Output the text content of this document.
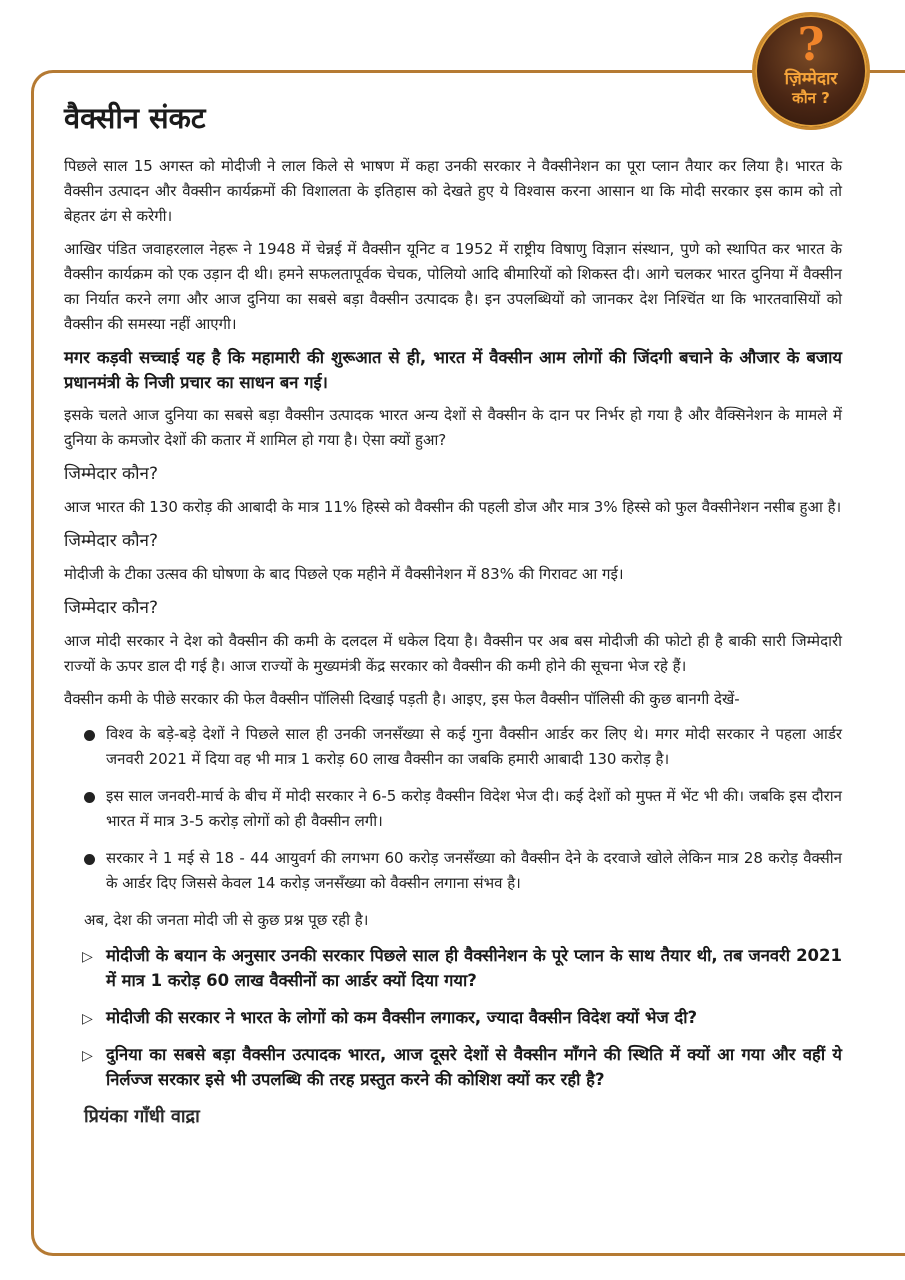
?
ज़िम्मेदार
कौन ?
वैक्सीन संकट

पिछले साल 15 अगस्त को मोदीजी ने लाल किले से भाषण में कहा उनकी सरकार ने वैक्सीनेशन का पूरा प्लान तैयार कर लिया है। भारत के वैक्सीन उत्पादन और वैक्सीन कार्यक्रमों की विशालता के इतिहास को देखते हुए ये विश्वास करना आसान था कि मोदी सरकार इस काम को तो बेहतर ढंग से करेगी।

आखिर पंडित जवाहरलाल नेहरू ने 1948 में चेन्नई में वैक्सीन यूनिट व 1952 में राष्ट्रीय विषाणु विज्ञान संस्थान, पुणे को स्थापित कर भारत के वैक्सीन कार्यक्रम को एक उड़ान दी थी। हमने सफलतापूर्वक चेचक, पोलियो आदि बीमारियों को शिकस्त दी। आगे चलकर भारत दुनिया में वैक्सीन का निर्यात करने लगा और आज दुनिया का सबसे बड़ा वैक्सीन उत्पादक है। इन उपलब्धियों को जानकर देश निश्चिंत था कि भारतवासियों को वैक्सीन की समस्या नहीं आएगी।

मगर कड़वी सच्चाई यह है कि महामारी की शुरूआत से ही, भारत में वैक्सीन आम लोगों की जिंदगी बचाने के औजार के बजाय प्रधानमंत्री के निजी प्रचार का साधन बन गई।

इसके चलते आज दुनिया का सबसे बड़ा वैक्सीन उत्पादक भारत अन्य देशों से वैक्सीन के दान पर निर्भर हो गया है और वैक्सिनेशन के मामले में दुनिया के कमजोर देशों की कतार में शामिल हो गया है। ऐसा क्यों हुआ?

जिम्मेदार कौन?

आज भारत की 130 करोड़ की आबादी के मात्र 11% हिस्से को वैक्सीन की पहली डोज और मात्र 3% हिस्से को फुल वैक्सीनेशन नसीब हुआ है।

जिम्मेदार कौन?

मोदीजी के टीका उत्सव की घोषणा के बाद पिछले एक महीने में वैक्सीनेशन में 83% की गिरावट आ गई।

जिम्मेदार कौन?

आज मोदी सरकार ने देश को वैक्सीन की कमी के दलदल में धकेल दिया है। वैक्सीन पर अब बस मोदीजी की फोटो ही है बाकी सारी जिम्मेदारी राज्यों के ऊपर डाल दी गई है। आज राज्यों के मुख्यमंत्री केंद्र सरकार को वैक्सीन की कमी होने की सूचना भेज रहे हैं।

वैक्सीन कमी के पीछे सरकार की फेल वैक्सीन पॉलिसी दिखाई पड़ती है। आइए, इस फेल वैक्सीन पॉलिसी की कुछ बानगी देखें-

विश्व के बड़े-बड़े देशों ने पिछले साल ही उनकी जनसँख्या से कई गुना वैक्सीन आर्डर कर लिए थे। मगर मोदी सरकार ने पहला आर्डर जनवरी 2021 में दिया वह भी मात्र 1 करोड़ 60 लाख वैक्सीन का जबकि हमारी आबादी 130 करोड़ है।
इस साल जनवरी-मार्च के बीच में मोदी सरकार ने 6-5 करोड़ वैक्सीन विदेश भेज दी। कई देशों को मुफ्त में भेंट भी की। जबकि इस दौरान भारत में मात्र 3-5 करोड़ लोगों को ही वैक्सीन लगी।
सरकार ने 1 मई से 18 - 44 आयुवर्ग की लगभग 60 करोड़ जनसँख्या को वैक्सीन देने के दरवाजे खोले लेकिन मात्र 28 करोड़ वैक्सीन के आर्डर दिए जिससे केवल 14 करोड़ जनसँख्या को वैक्सीन लगाना संभव है।

अब, देश की जनता मोदी जी से कुछ प्रश्न पूछ रही है।

▷ मोदीजी के बयान के अनुसार उनकी सरकार पिछले साल ही वैक्सीनेशन के पूरे प्लान के साथ तैयार थी, तब जनवरी 2021 में मात्र 1 करोड़ 60 लाख वैक्सीनों का आर्डर क्यों दिया गया?
▷ मोदीजी की सरकार ने भारत के लोगों को कम वैक्सीन लगाकर, ज्यादा वैक्सीन विदेश क्यों भेज दी?
▷ दुनिया का सबसे बड़ा वैक्सीन उत्पादक भारत, आज दूसरे देशों से वैक्सीन माँगने की स्थिति में क्यों आ गया और वहीं ये निर्लज्ज सरकार इसे भी उपलब्धि की तरह प्रस्तुत करने की कोशिश क्यों कर रही है?
प्रियंका गाँधी वाद्रा
